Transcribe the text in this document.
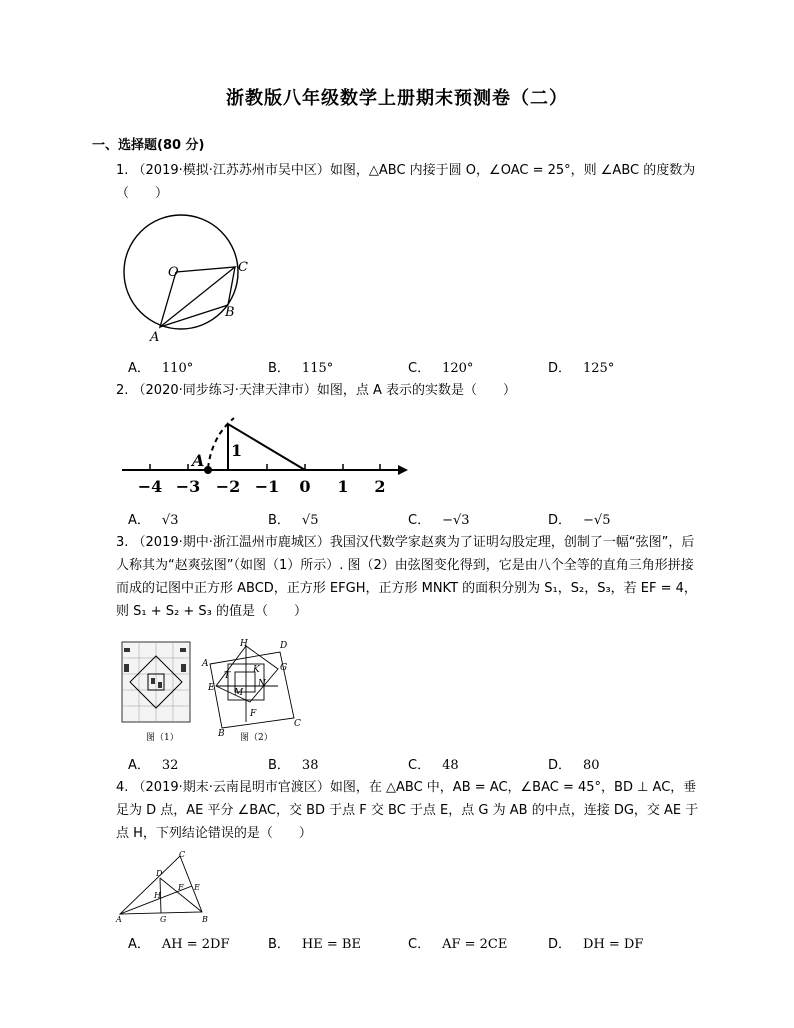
浙教版八年级数学上册期末预测卷（二）
一、选择题(80 分)
1. （2019·模拟·江苏苏州市吴中区）如图，△ABC 内接于圆 O，∠OAC = 25°，则 ∠ABC 的度数为（　　）
O
A
B
C
A． 110°	B． 115°	C． 120°	D． 125°
2. （2020·同步练习·天津天津市）如图，点 A 表示的实数是（　　）
A
1
−4 −3 −2 −1 0 1 2
A． √3	B． √5	C． −√3	D． −√5
3. （2019·期中·浙江温州市鹿城区）我国汉代数学家赵爽为了证明勾股定理，创制了一幅“弦图”，后人称其为“赵爽弦图”（如图（1）所示）. 图（2）由弦图变化得到，它是由八个全等的直角三角形拼接而成的记图中正方形 ABCD，正方形 EFGH，正方形 MNKT 的面积分别为 S₁，S₂，S₃，若 EF = 4，则 S₁ + S₂ + S₃ 的值是（　　）
图（1）
A
B
C
D
E
F
G
H
K
M
N
T
图（2）
A． 32	B． 38	C． 48	D． 80
4. （2019·期末·云南昆明市官渡区）如图，在 △ABC 中，AB = AC，∠BAC = 45°，BD ⊥ AC，垂足为 D 点，AE 平分 ∠BAC，交 BD 于点 F 交 BC 于点 E，点 G 为 AB 的中点，连接 DG，交 AE 于点 H，下列结论错误的是（　　）
A	B
C
D
E
F
G
H
A． AH = 2DF	B． HE = BE	C． AF = 2CE	D． DH = DF
